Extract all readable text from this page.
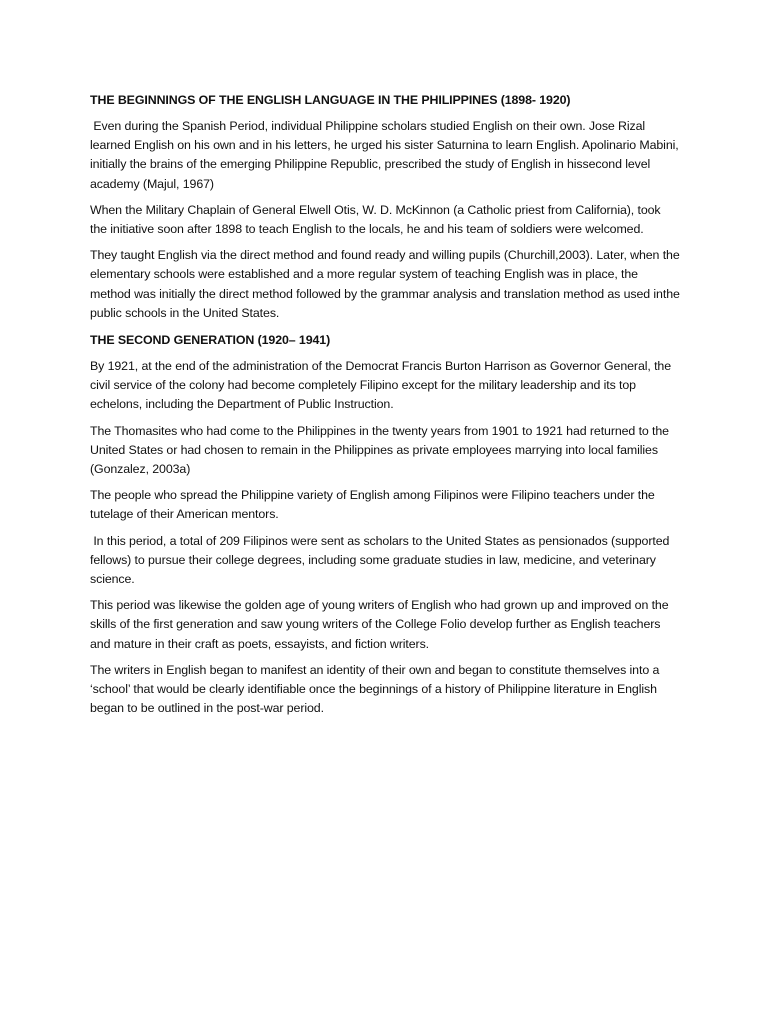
THE BEGINNINGS OF THE ENGLISH LANGUAGE IN THE PHILIPPINES (1898- 1920)

Even during the Spanish Period, individual Philippine scholars studied English on their own. Jose Rizal learned English on his own and in his letters, he urged his sister Saturnina to learn English. Apolinario Mabini, initially the brains of the emerging Philippine Republic, prescribed the study of English in hissecond level academy (Majul, 1967)

When the Military Chaplain of General Elwell Otis, W. D. McKinnon (a Catholic priest from California), took the initiative soon after 1898 to teach English to the locals, he and his team of soldiers were welcomed.

They taught English via the direct method and found ready and willing pupils (Churchill,2003). Later, when the elementary schools were established and a more regular system of teaching English was in place, the method was initially the direct method followed by the grammar analysis and translation method as used inthe public schools in the United States.

THE SECOND GENERATION (1920– 1941)

By 1921, at the end of the administration of the Democrat Francis Burton Harrison as Governor General, the civil service of the colony had become completely Filipino except for the military leadership and its top echelons, including the Department of Public Instruction.

The Thomasites who had come to the Philippines in the twenty years from 1901 to 1921 had returned to the United States or had chosen to remain in the Philippines as private employees marrying into local families (Gonzalez, 2003a)

The people who spread the Philippine variety of English among Filipinos were Filipino teachers under the tutelage of their American mentors.

In this period, a total of 209 Filipinos were sent as scholars to the United States as pensionados (supported fellows) to pursue their college degrees, including some graduate studies in law, medicine, and veterinary science.

This period was likewise the golden age of young writers of English who had grown up and improved on the skills of the first generation and saw young writers of the College Folio develop further as English teachers and mature in their craft as poets, essayists, and fiction writers.

The writers in English began to manifest an identity of their own and began to constitute themselves into a ‘school’ that would be clearly identifiable once the beginnings of a history of Philippine literature in English began to be outlined in the post-war period.
